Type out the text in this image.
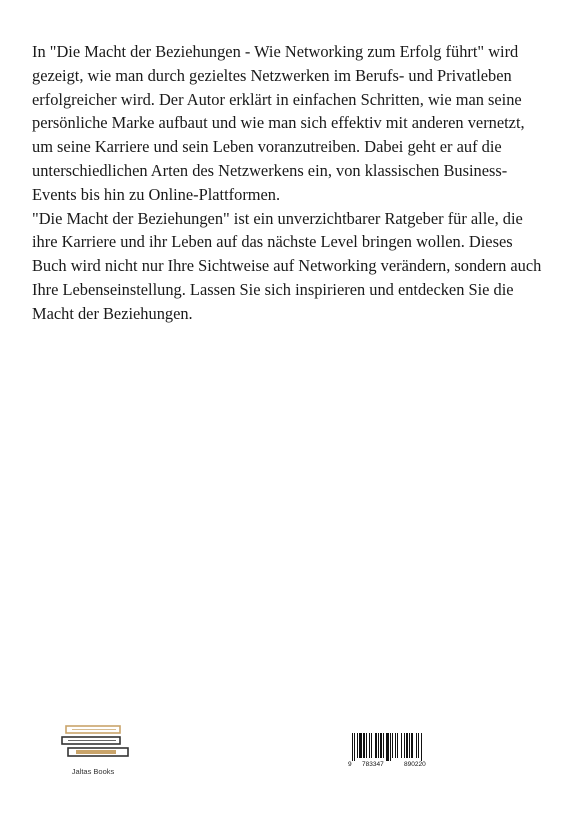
In "Die Macht der Beziehungen - Wie Networking zum Erfolg führt" wird gezeigt, wie man durch gezieltes Netzwerken im Berufs- und Privatleben erfolgreicher wird. Der Autor erklärt in einfachen Schritten, wie man seine persönliche Marke aufbaut und wie man sich effektiv mit anderen vernetzt, um seine Karriere und sein Leben voranzutreiben. Dabei geht er auf die unterschiedlichen Arten des Netzwerkens ein, von klassischen Business-Events bis hin zu Online-Plattformen.

"Die Macht der Beziehungen" ist ein unverzichtbarer Ratgeber für alle, die ihre Karriere und ihr Leben auf das nächste Level bringen wollen. Dieses Buch wird nicht nur Ihre Sichtweise auf Networking verändern, sondern auch Ihre Lebenseinstellung. Lassen Sie sich inspirieren und entdecken Sie die Macht der Beziehungen.

Jaltas Books
9 783347	890220
